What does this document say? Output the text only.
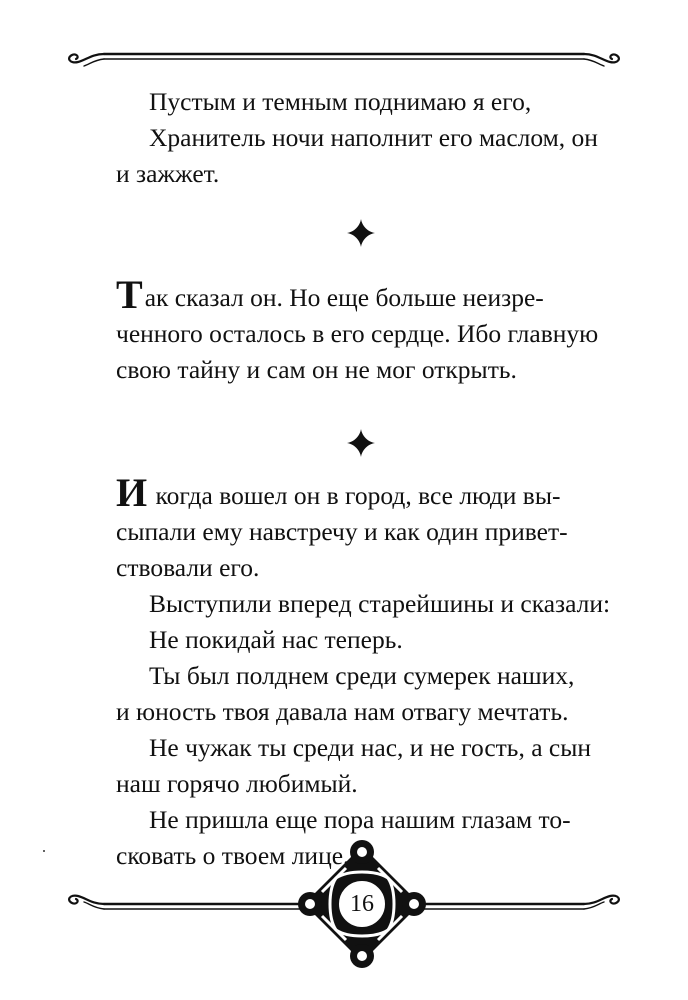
Пустым и темным поднимаю я его,
Хранитель ночи наполнит его маслом, он
и зажжет.
Так сказал он. Но еще больше неизре-
ченного осталось в его сердце. Ибо главную
свою тайну и сам он не мог открыть.
И когда вошел он в город, все люди вы-
сыпали ему навстречу и как один привет-
ствовали его.
Выступили вперед старейшины и сказали:
Не покидай нас теперь.
Ты был полднем среди сумерек наших,
и юность твоя давала нам отвагу мечтать.
Не чужак ты среди нас, и не гость, а сын
наш горячо любимый.
Не пришла еще пора нашим глазам то-
сковать о твоем лице.
16
